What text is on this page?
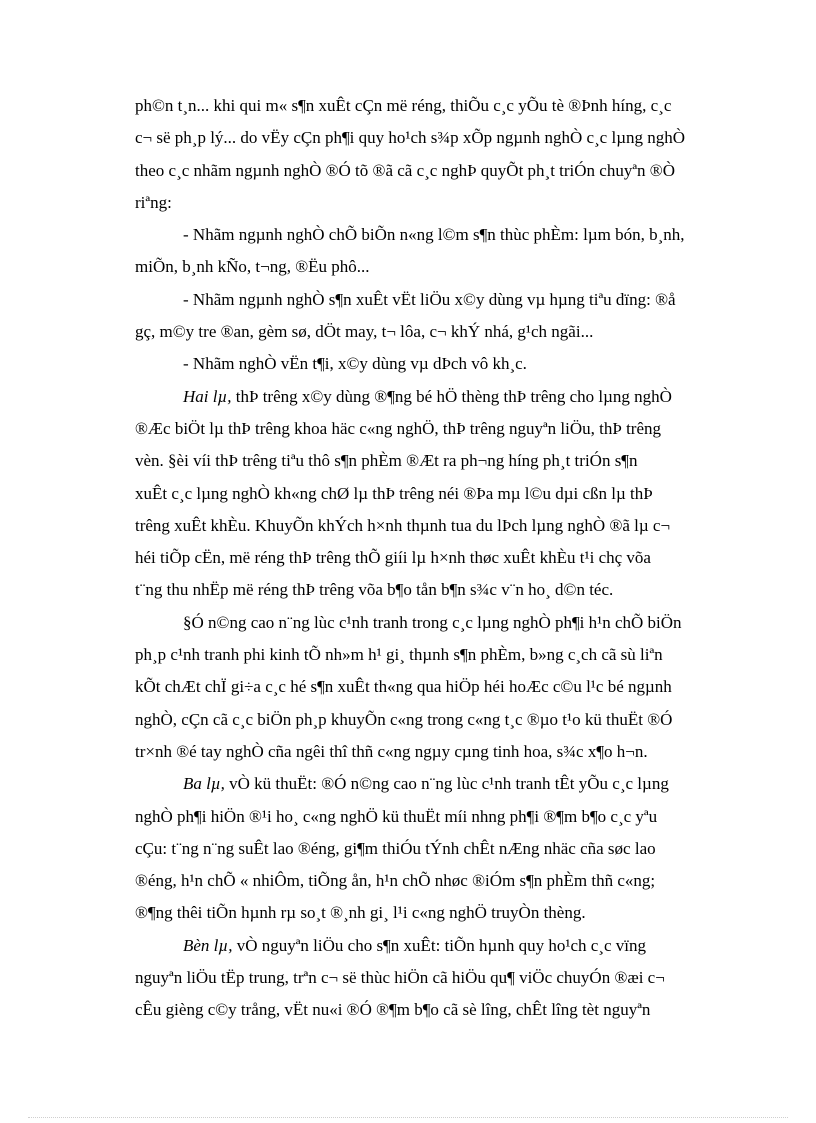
ph©n t¸n... khi qui m« s¶n xuÊt cÇn më réng, thiÕu c¸c yÕu tè ®Þnh híng, c¸c
c¬ së ph¸p lý... do vËy cÇn ph¶i quy ho¹ch s¾p xÕp ngµnh nghÒ c¸c lµng nghÒ
theo c¸c nhãm ngµnh nghÒ ®Ó tõ ®ã cã c¸c nghÞ quyÕt ph¸t triÓn chuyªn ®Ò
riªng:
- Nhãm ngµnh nghÒ chÕ biÕn n«ng l©m s¶n thùc phÈm: lµm bón, b¸nh,
miÕn, b¸nh kÑo, t¬ng, ®Ëu phô...
- Nhãm ngµnh nghÒ s¶n xuÊt vËt liÖu x©y dùng vµ hµng tiªu dïng: ®å
gç, m©y tre ®an, gèm sø, dÖt may, t¬ lôa, c¬ khÝ nhá, g¹ch ngãi...
- Nhãm nghÒ vËn t¶i, x©y dùng vµ dÞch vô kh¸c.
Hai lµ, thÞ trêng x©y dùng ®¶ng bé hÖ thèng thÞ trêng cho lµng nghÒ
®Æc biÖt lµ thÞ trêng khoa häc c«ng nghÖ, thÞ trêng nguyªn liÖu, thÞ trêng
vèn. §èi víi thÞ trêng tiªu thô s¶n phÈm ®Æt ra ph¬ng híng ph¸t triÓn s¶n
xuÊt c¸c lµng nghÒ kh«ng chØ lµ thÞ trêng néi ®Þa mµ l©u dµi cßn lµ thÞ
trêng xuÊt khÈu. KhuyÕn khÝch h×nh thµnh tua du lÞch lµng nghÒ ®ã lµ c¬
héi tiÕp cËn, më réng thÞ trêng thÕ giíi lµ h×nh thøc xuÊt khÈu t¹i chç võa
t¨ng thu nhËp më réng thÞ trêng võa b¶o tån b¶n s¾c v¨n ho¸ d©n téc.
§Ó n©ng cao n¨ng lùc c¹nh tranh trong c¸c lµng nghÒ ph¶i h¹n chÕ biÖn
ph¸p c¹nh tranh phi kinh tÕ nh»m h¹ gi¸ thµnh s¶n phÈm, b»ng c¸ch cã sù liªn
kÕt chÆt chÏ gi÷a c¸c hé s¶n xuÊt th«ng qua hiÖp héi hoÆc c©u l¹c bé ngµnh
nghÒ, cÇn cã c¸c biÖn ph¸p khuyÕn c«ng trong c«ng t¸c ®µo t¹o kü thuËt ®Ó
tr×nh ®é tay nghÒ cña ngêi thî thñ c«ng ngµy cµng tinh hoa, s¾c x¶o h¬n.
Ba lµ, vÒ kü thuËt: ®Ó n©ng cao n¨ng lùc c¹nh tranh tÊt yÕu c¸c lµng
nghÒ ph¶i hiÖn ®¹i ho¸ c«ng nghÖ kü thuËt míi nhng ph¶i ®¶m b¶o c¸c yªu
cÇu: t¨ng n¨ng suÊt lao ®éng, gi¶m thiÓu tÝnh chÊt nÆng nhäc cña søc lao
®éng, h¹n chÕ « nhiÔm, tiÕng ån, h¹n chÕ nhøc ®iÓm s¶n phÈm thñ c«ng;
®¶ng thêi tiÕn hµnh rµ so¸t ®¸nh gi¸ l¹i c«ng nghÖ truyÒn thèng.
Bèn lµ, vÒ nguyªn liÖu cho s¶n xuÊt: tiÕn hµnh quy ho¹ch c¸c vïng
nguyªn liÖu tËp trung, trªn c¬ së thùc hiÖn cã hiÖu qu¶ viÖc chuyÓn ®æi c¬
cÊu gièng c©y trång, vËt nu«i ®Ó ®¶m b¶o cã sè lîng, chÊt lîng tèt nguyªn
